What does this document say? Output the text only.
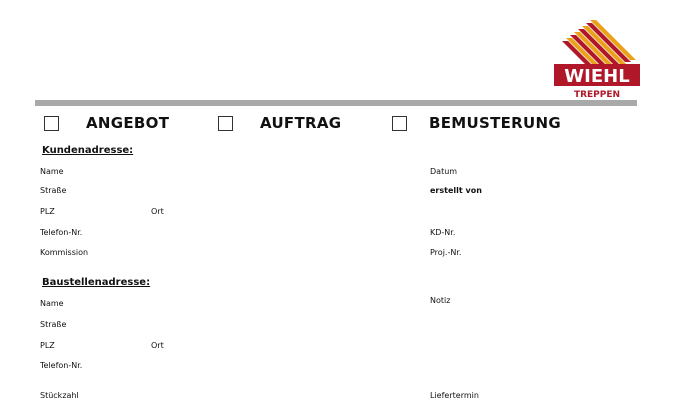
WIEHL
TREPPEN
ANGEBOT	AUFTRAG	BEMUSTERUNG
Kundenadresse:
Name
Straße
PLZ	Ort
Telefon-Nr.
Kommission
Datum
erstellt von
KD-Nr.
Proj.-Nr.
Notiz
Liefertermin
Baustellenadresse:
Name
Straße
PLZ	Ort
Telefon-Nr.
Stückzahl
